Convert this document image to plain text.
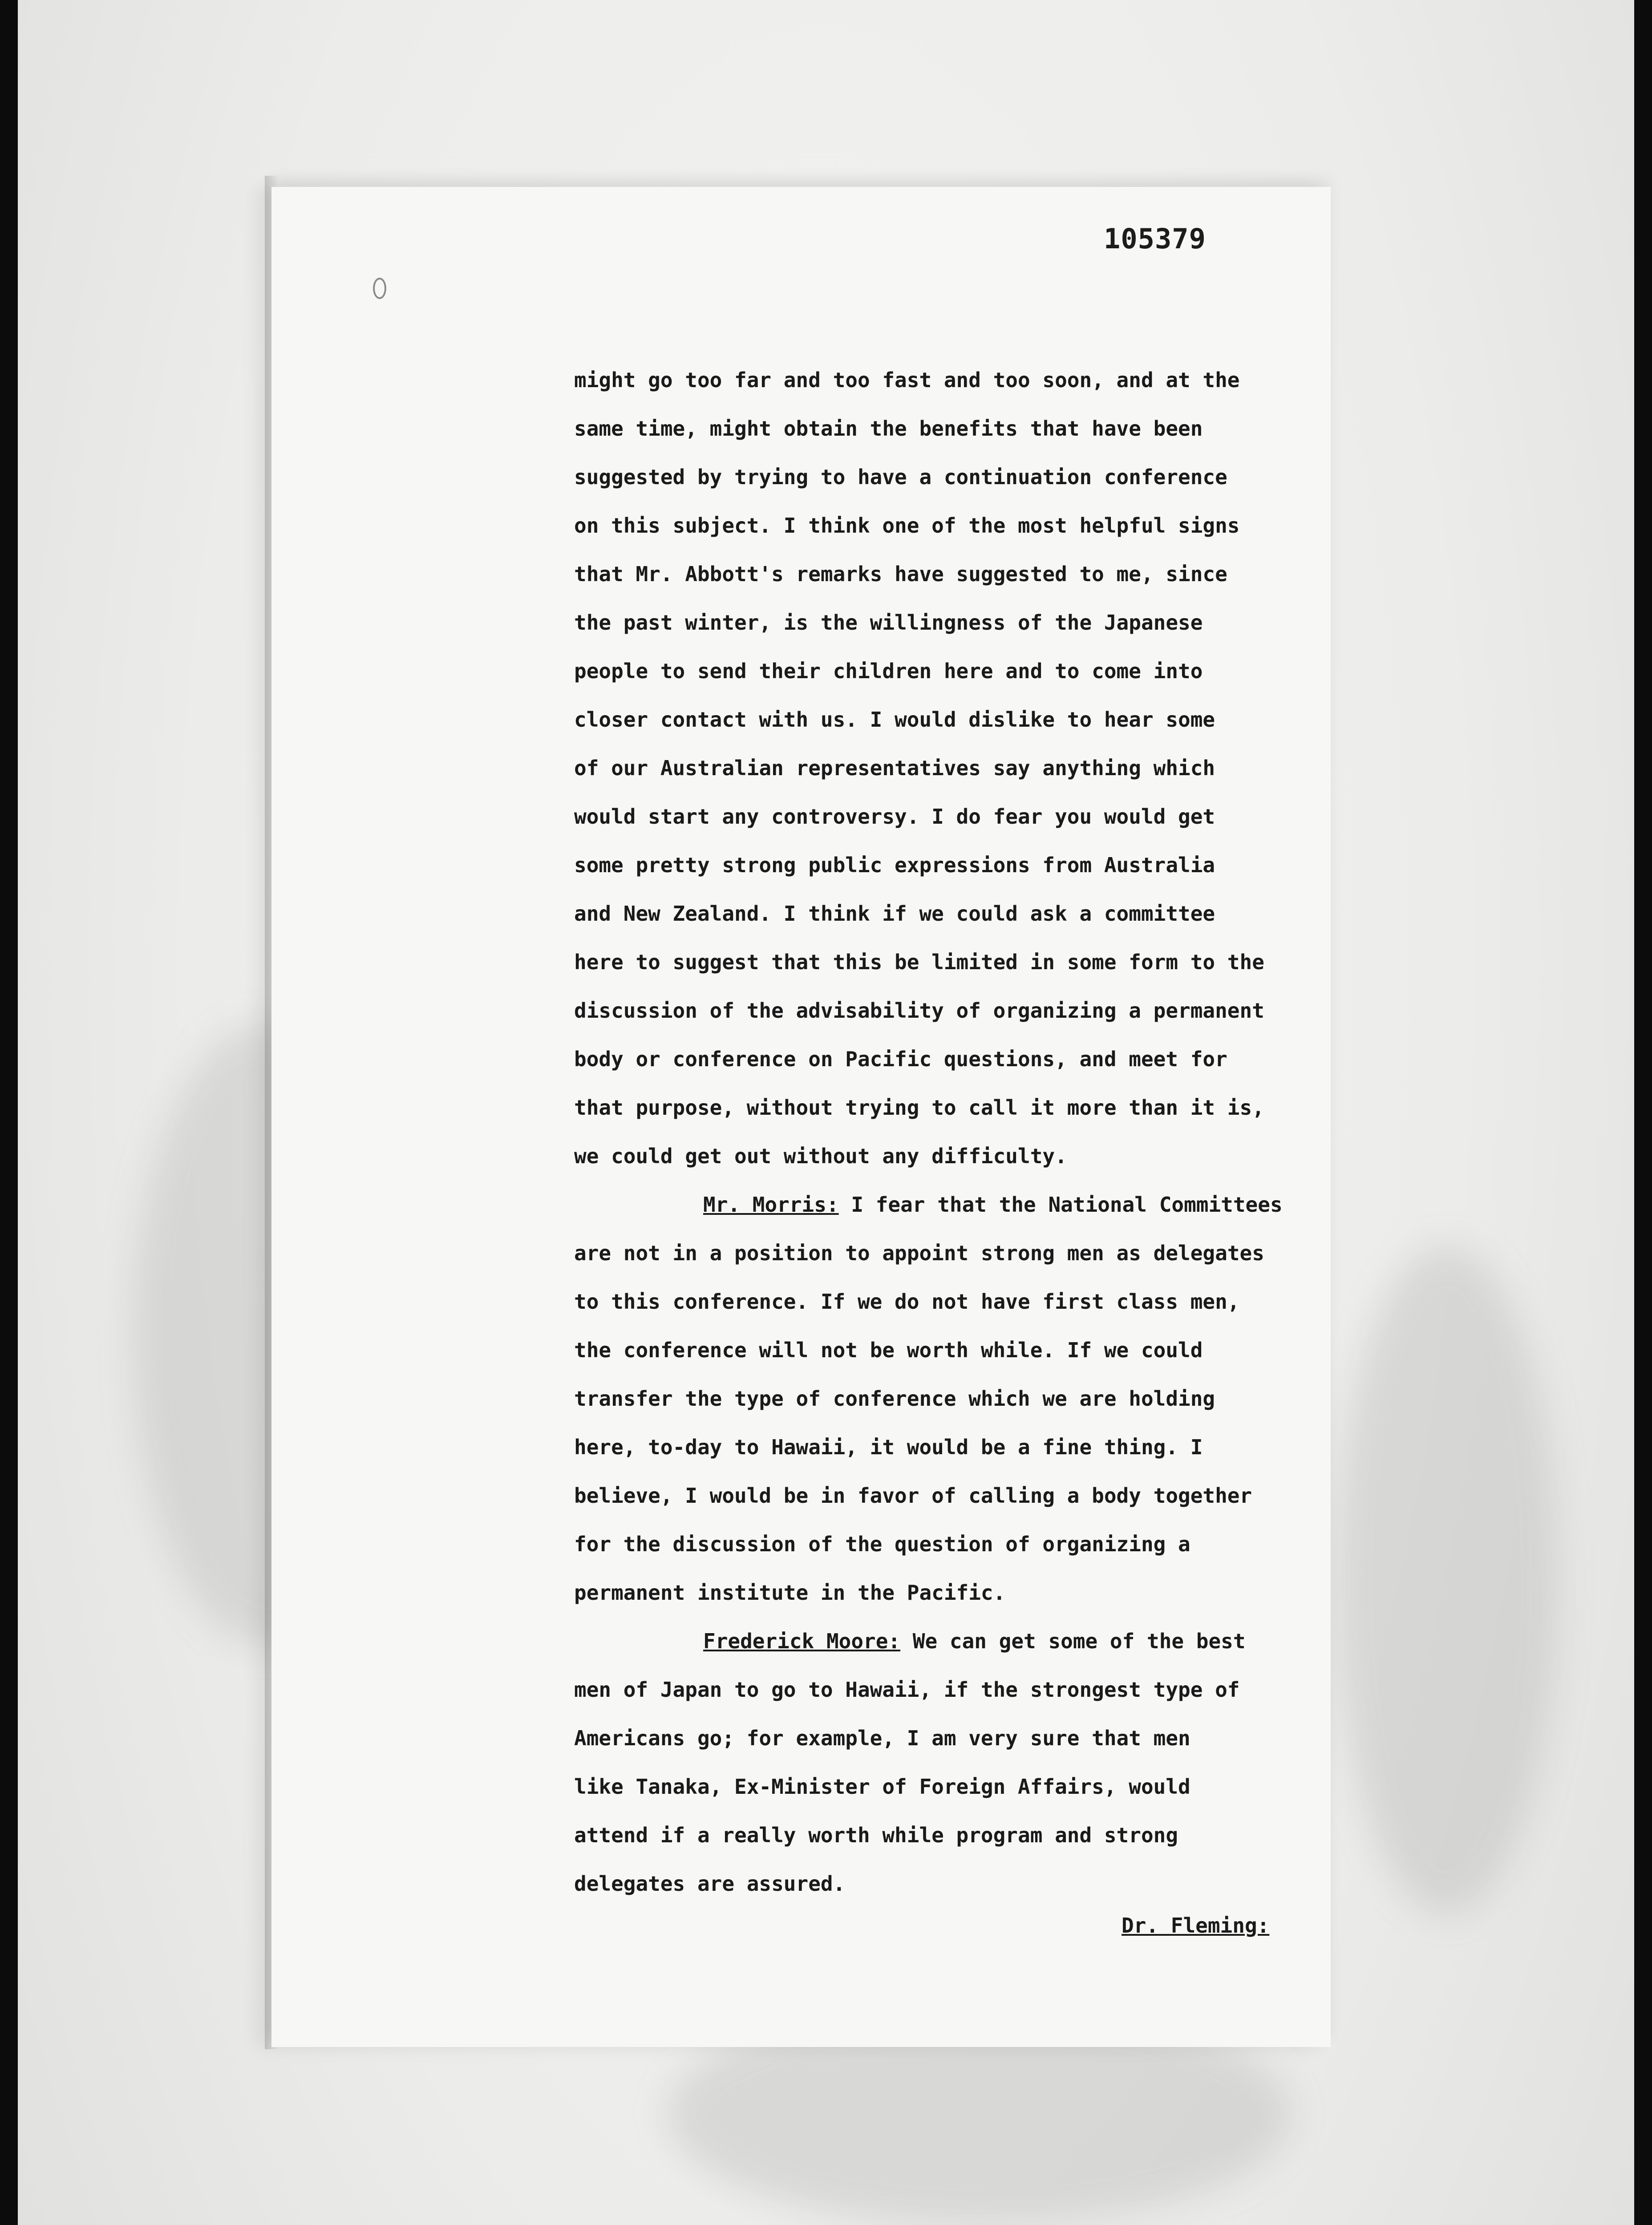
105379
might go too far and too fast and too soon, and at the
same time, might obtain the benefits that have been
suggested by trying to have a continuation conference
on this subject. I think one of the most helpful signs
that Mr. Abbott's remarks have suggested to me, since
the past winter, is the willingness of the Japanese
people to send their children here and to come into
closer contact with us. I would dislike to hear some
of our Australian representatives say anything which
would start any controversy. I do fear you would get
some pretty strong public expressions from Australia
and New Zealand. I think if we could ask a committee
here to suggest that this be limited in some form to the
discussion of the advisability of organizing a permanent
body or conference on Pacific questions, and meet for
that purpose, without trying to call it more than it is,
we could get out without any difficulty.
Mr. Morris: I fear that the National Committees
are not in a position to appoint strong men as delegates
to this conference. If we do not have first class men,
the conference will not be worth while. If we could
transfer the type of conference which we are holding
here, to-day to Hawaii, it would be a fine thing. I
believe, I would be in favor of calling a body together
for the discussion of the question of organizing a
permanent institute in the Pacific.
Frederick Moore: We can get some of the best
men of Japan to go to Hawaii, if the strongest type of
Americans go; for example, I am very sure that men
like Tanaka, Ex-Minister of Foreign Affairs, would
attend if a really worth while program and strong
delegates are assured.
Dr. Fleming:
